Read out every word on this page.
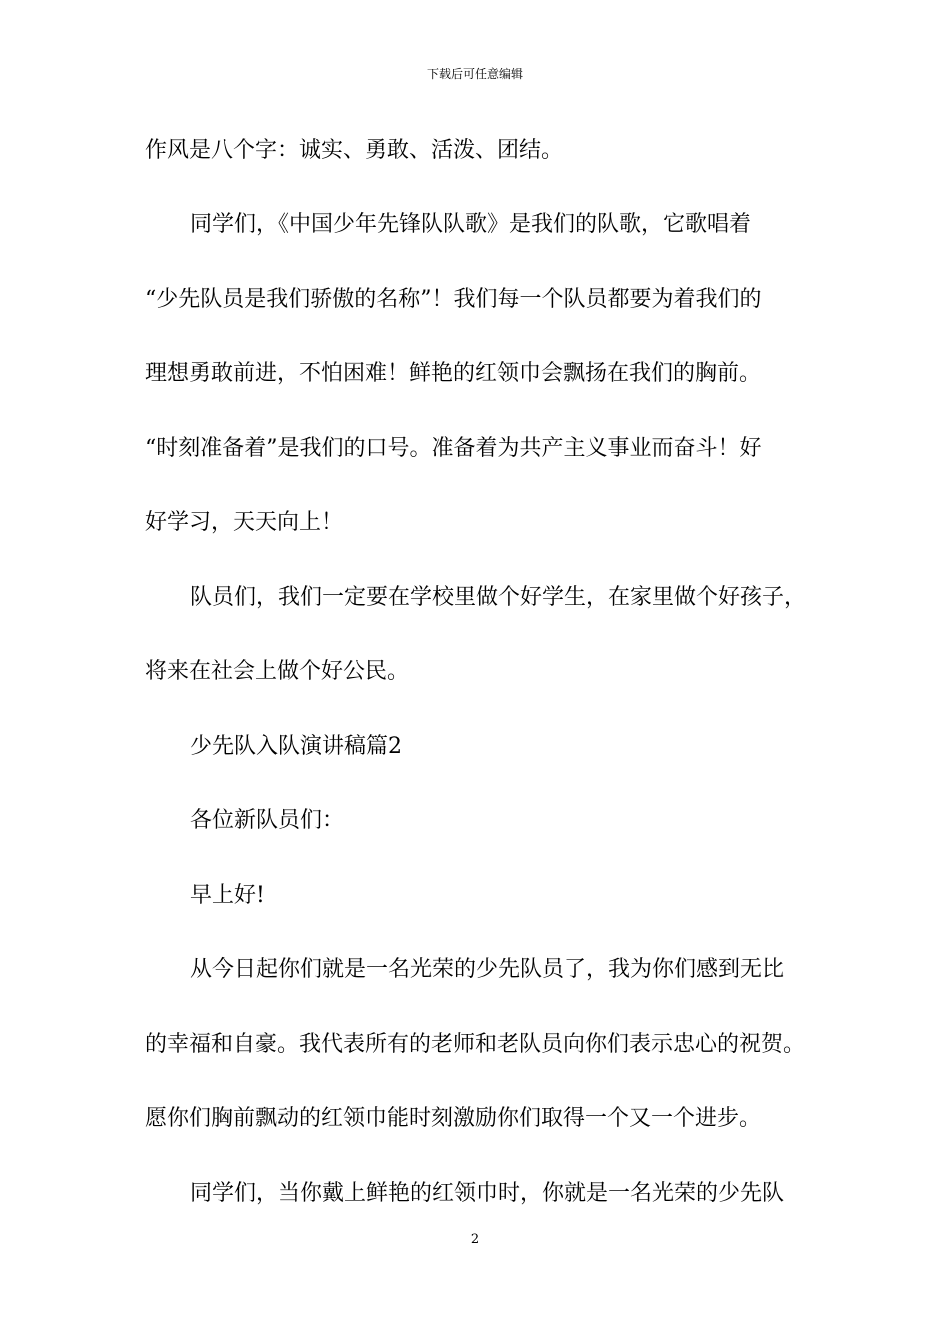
下载后可任意编辑
作风是八个字：诚实、勇敢、活泼、团结。
同学们，《中国少年先锋队队歌》是我们的队歌，它歌唱着
“少先队员是我们骄傲的名称”！我们每一个队员都要为着我们的
理想勇敢前进，不怕困难！鲜艳的红领巾会飘扬在我们的胸前。
“时刻准备着”是我们的口号。准备着为共产主义事业而奋斗！好
好学习，天天向上！
队员们，我们一定要在学校里做个好学生，在家里做个好孩子，
将来在社会上做个好公民。
少先队入队演讲稿篇2
各位新队员们：
早上好!
从今日起你们就是一名光荣的少先队员了，我为你们感到无比
的幸福和自豪。我代表所有的老师和老队员向你们表示忠心的祝贺。
愿你们胸前飘动的红领巾能时刻激励你们取得一个又一个进步。
同学们，当你戴上鲜艳的红领巾时，你就是一名光荣的少先队
2
